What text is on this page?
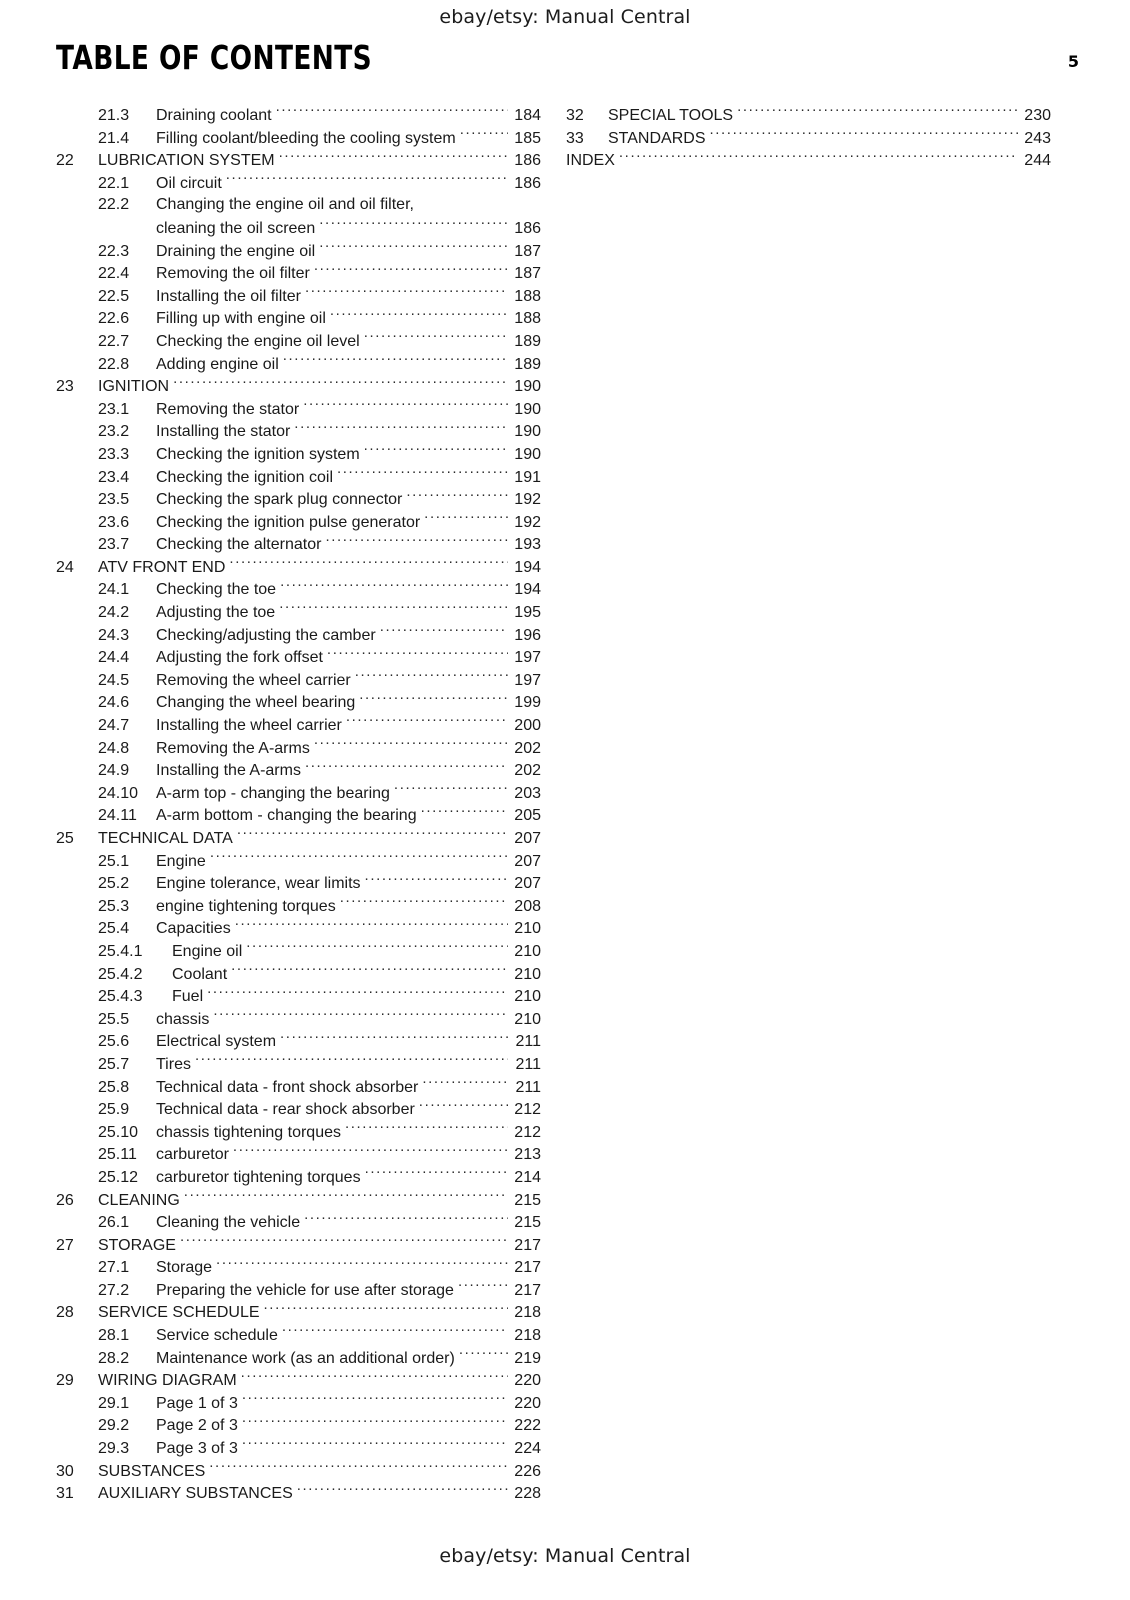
ebay/etsy: Manual Central
TABLE OF CONTENTS	5
21.3	Draining coolant .....	184
21.4	Filling coolant/bleeding the cooling system .....	185
22	LUBRICATION SYSTEM .....	186
22.1	Oil circuit .....	186
22.2 Changing the engine oil and oil filter,
cleaning the oil screen .....	186
22.3	Draining the engine oil .....	187
22.4	Removing the oil filter .....	187
22.5	Installing the oil filter .....	188
22.6	Filling up with engine oil .....	188
22.7	Checking the engine oil level .....	189
22.8	Adding engine oil .....	189
23	IGNITION .....	190
23.1	Removing the stator .....	190
23.2	Installing the stator .....	190
23.3	Checking the ignition system .....	190
23.4	Checking the ignition coil .....	191
23.5	Checking the spark plug connector .....	192
23.6	Checking the ignition pulse generator .....	192
23.7	Checking the alternator .....	193
24	ATV FRONT END .....	194
24.1	Checking the toe .....	194
24.2	Adjusting the toe .....	195
24.3	Checking/adjusting the camber .....	196
24.4	Adjusting the fork offset .....	197
24.5	Removing the wheel carrier .....	197
24.6	Changing the wheel bearing .....	199
24.7	Installing the wheel carrier .....	200
24.8	Removing the A-arms .....	202
24.9	Installing the A-arms .....	202
24.10	A-arm top - changing the bearing .....	203
24.11	A-arm bottom - changing the bearing .....	205
25	TECHNICAL DATA .....	207
25.1	Engine .....	207
25.2	Engine tolerance, wear limits .....	207
25.3	engine tightening torques .....	208
25.4	Capacities .....	210
25.4.1	Engine oil .....	210
25.4.2	Coolant .....	210
25.4.3	Fuel .....	210
25.5	chassis .....	210
25.6	Electrical system .....	211
25.7	Tires .....	211
25.8	Technical data - front shock absorber .....	211
25.9	Technical data - rear shock absorber .....	212
25.10	chassis tightening torques .....	212
25.11	carburetor .....	213
25.12	carburetor tightening torques .....	214
26	CLEANING .....	215
26.1	Cleaning the vehicle .....	215
27	STORAGE .....	217
27.1	Storage .....	217
27.2	Preparing the vehicle for use after storage .....	217
28	SERVICE SCHEDULE .....	218
28.1	Service schedule .....	218
28.2	Maintenance work (as an additional order) .....	219
29	WIRING DIAGRAM .....	220
29.1	Page 1 of 3 .....	220
29.2	Page 2 of 3 .....	222
29.3	Page 3 of 3 .....	224
30	SUBSTANCES .....	226
31	AUXILIARY SUBSTANCES .....	228
32	SPECIAL TOOLS .....	230
33	STANDARDS .....	243
INDEX .....	244
ebay/etsy: Manual Central
